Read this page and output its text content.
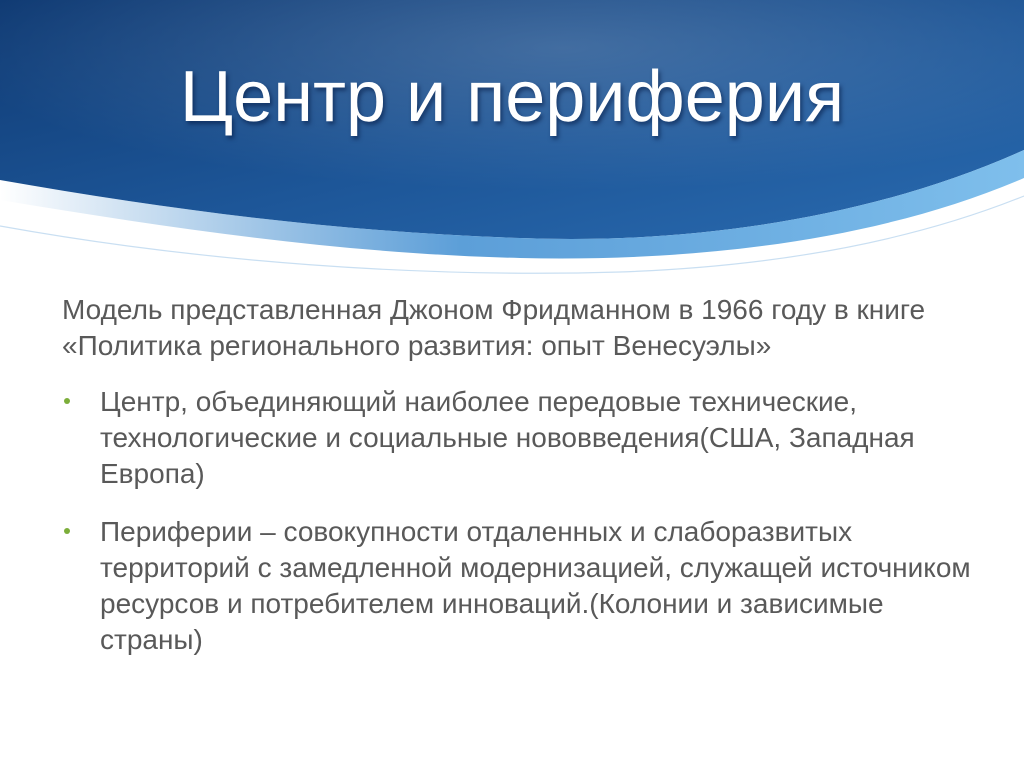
Центр и периферия

Модель представленная Джоном Фридманном в 1966 году в книге «Политика регионального развития: опыт Венесуэлы»

Центр, объединяющий наиболее передовые технические, технологические и социальные нововведения(США, Западная Европа)
Периферии – совокупности отдаленных и слаборазвитых территорий с замедленной модернизацией, служащей источником ресурсов и потребителем инноваций.(Колонии и зависимые страны)
